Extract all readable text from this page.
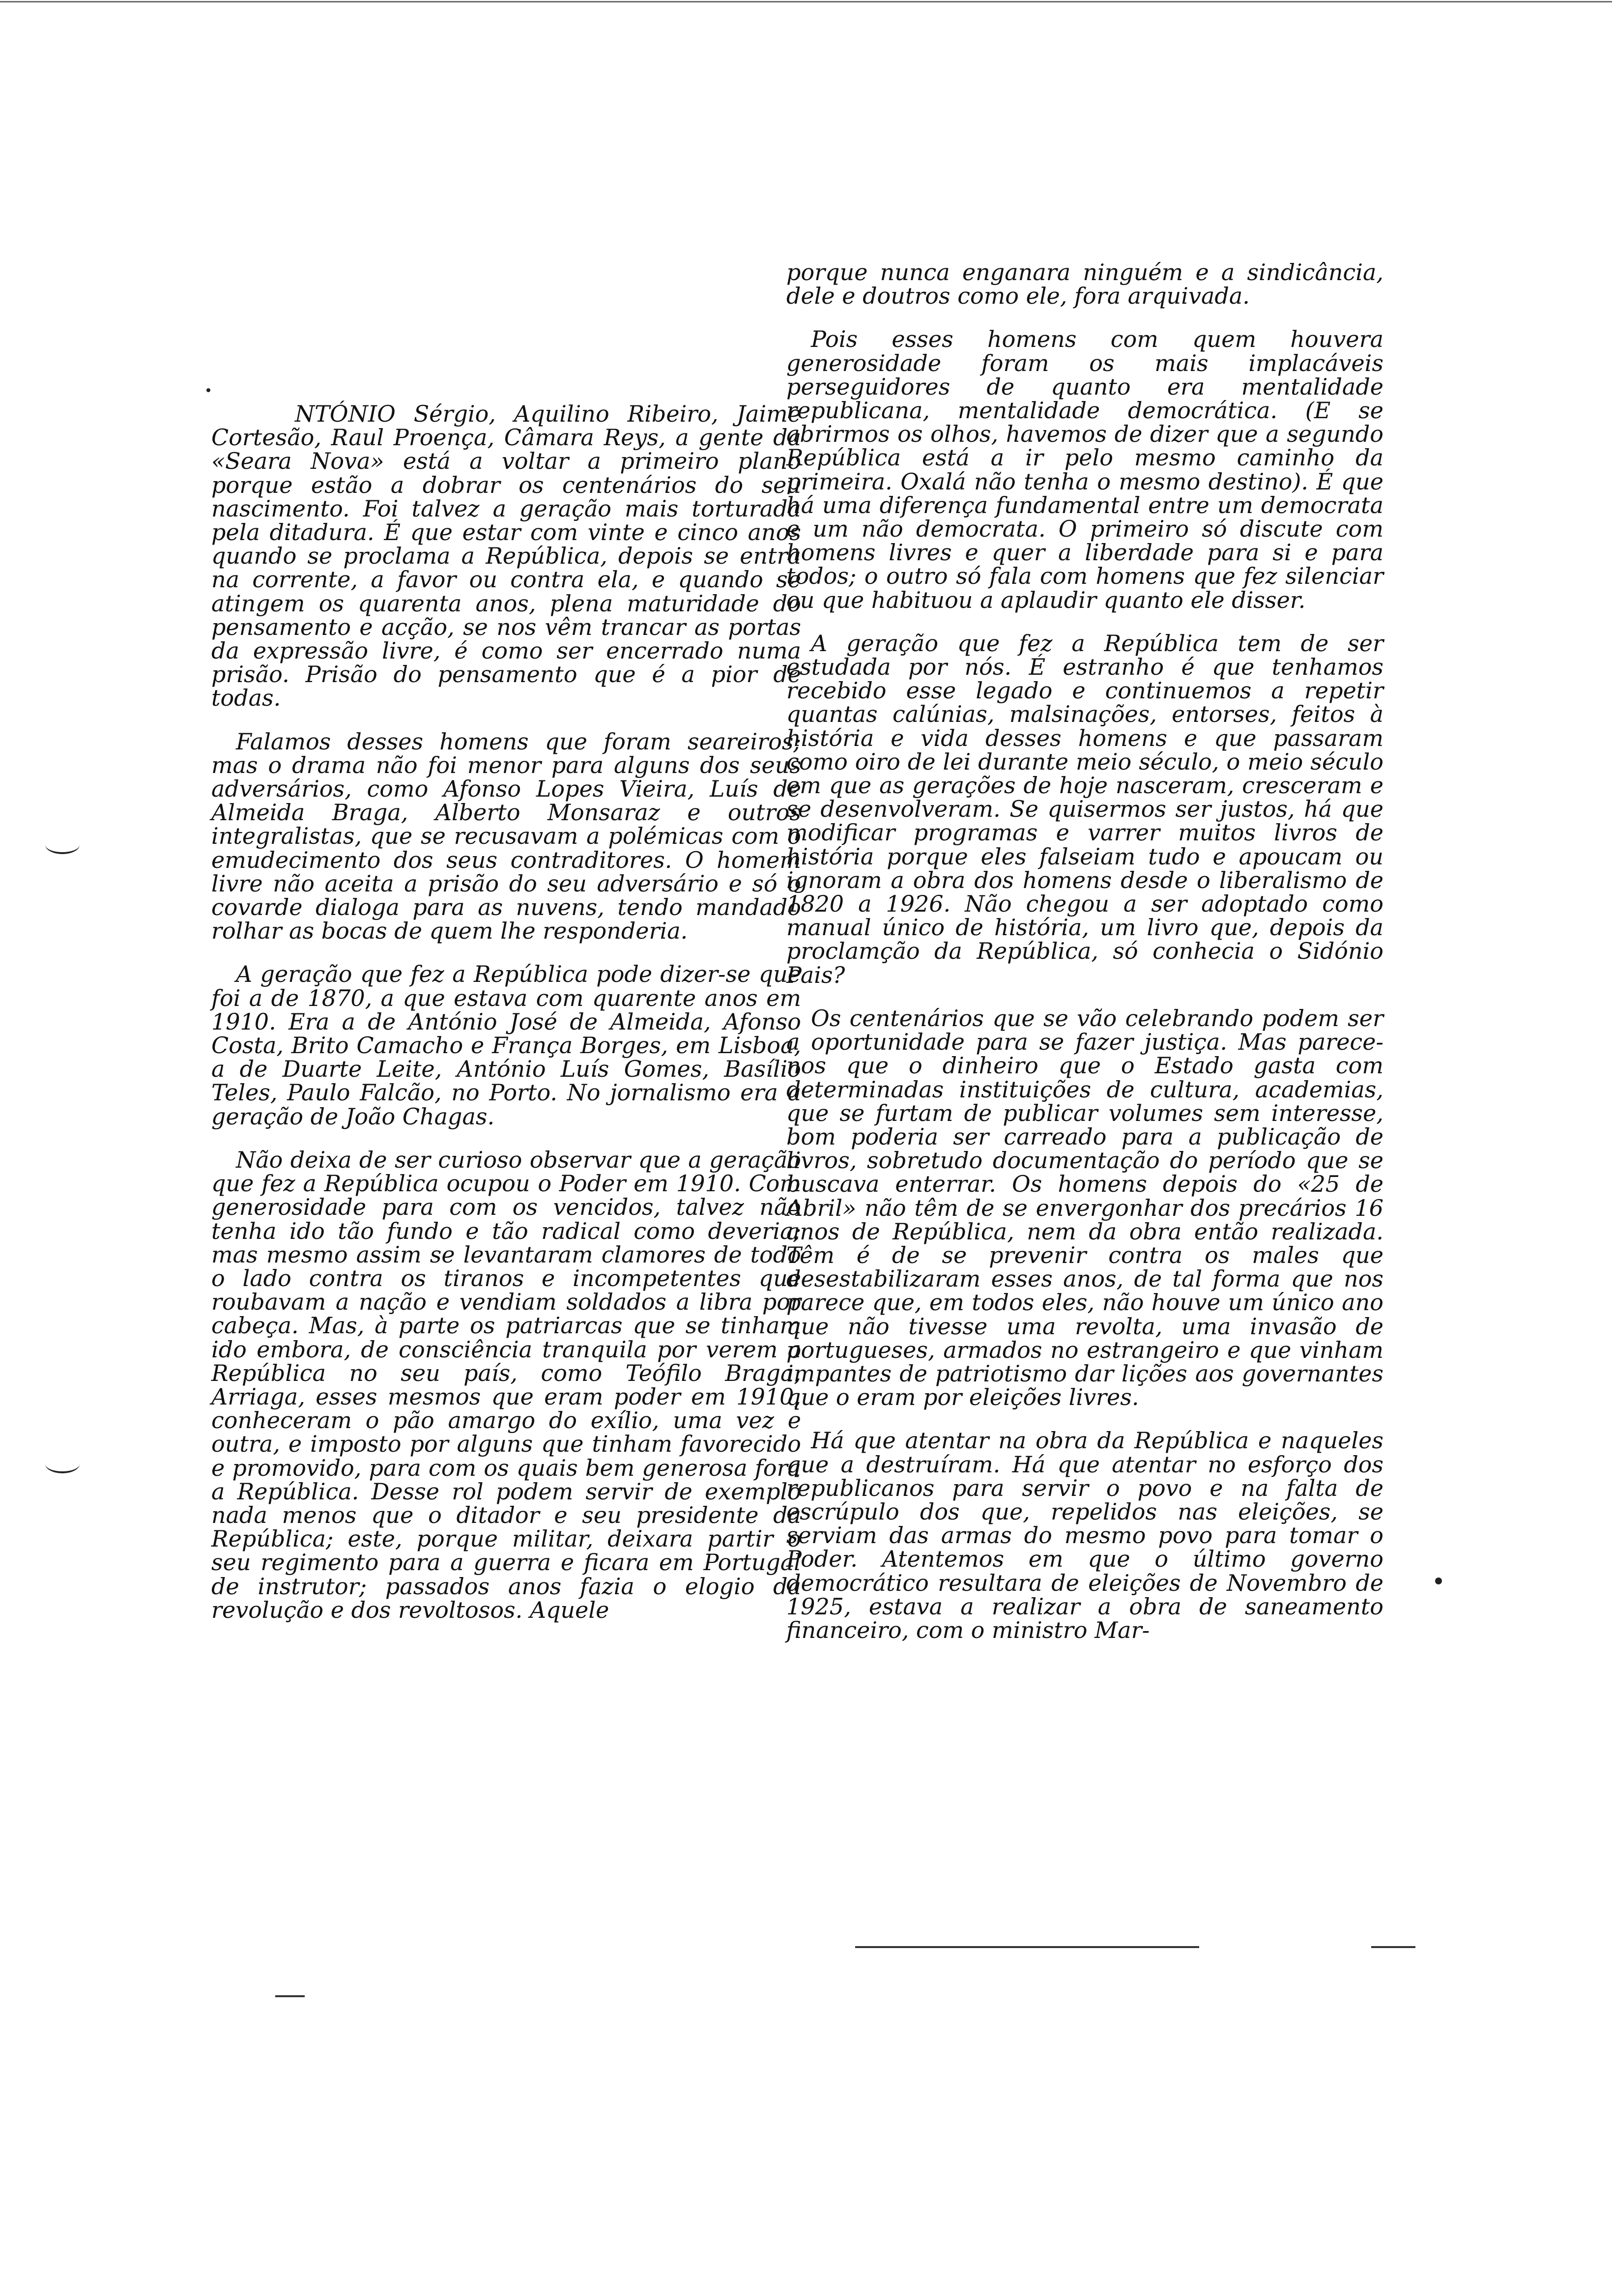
NTÓNIO Sérgio, Aquilino Ribeiro, Jaime Cortesão, Raul Proença, Câmara Reys, a gente da «Seara Nova» está a voltar a primeiro plano porque estão a dobrar os centenários do seu nascimento. Foi talvez a geração mais torturada pela ditadura. É que estar com vinte e cinco anos quando se proclama a República, depois se entra na corrente, a favor ou contra ela, e quando se atingem os quarenta anos, plena maturidade do pensamento e acção, se nos vêm trancar as portas da expressão livre, é como ser encerrado numa prisão. Prisão do pensamento que é a pior de todas.

Falamos desses homens que foram seareiros; mas o drama não foi menor para alguns dos seus adversários, como Afonso Lopes Vieira, Luís de Almeida Braga, Alberto Monsaraz e outros integralistas, que se recusavam a polémicas com o emudecimento dos seus contraditores. O homem livre não aceita a prisão do seu adversário e só o covarde dialoga para as nuvens, tendo mandado rolhar as bocas de quem lhe responderia.

A geração que fez a República pode dizer-se que foi a de 1870, a que estava com quarente anos em 1910. Era a de António José de Almeida, Afonso Costa, Brito Camacho e França Borges, em Lisboa, a de Duarte Leite, António Luís Gomes, Basílio Teles, Paulo Falcão, no Porto. No jornalismo era a geração de João Chagas.

Não deixa de ser curioso observar que a geração que fez a República ocupou o Poder em 1910. Com generosidade para com os vencidos, talvez não tenha ido tão fundo e tão radical como deveria; mas mesmo assim se levantaram clamores de todo o lado contra os tiranos e incompetentes que roubavam a nação e vendiam soldados a libra por cabeça. Mas, à parte os patriarcas que se tinham ido embora, de consciência tranquila por verem a República no seu país, como Teófilo Braga, Arriaga, esses mesmos que eram poder em 1910, conheceram o pão amargo do exílio, uma vez e outra, e imposto por alguns que tinham favorecido e promovido, para com os quais bem generosa fora a República. Desse rol podem servir de exemplo nada menos que o ditador e seu presidente da República; este, porque militar, deixara partir o seu regimento para a guerra e ficara em Portugal de instrutor; passados anos fazia o elogio da revolução e dos revoltosos. Aquele

porque nunca enganara ninguém e a sindicância, dele e doutros como ele, fora arquivada.

Pois esses homens com quem houvera generosidade foram os mais implacáveis perseguidores de quanto era mentalidade republicana, mentalidade democrática. (E se abrirmos os olhos, havemos de dizer que a segundo República está a ir pelo mesmo caminho da primeira. Oxalá não tenha o mesmo destino). É que há uma diferença fundamental entre um democrata e um não democrata. O primeiro só discute com homens livres e quer a liberdade para si e para todos; o outro só fala com homens que fez silenciar ou que habituou a aplaudir quanto ele disser.

A geração que fez a República tem de ser estudada por nós. É estranho é que tenhamos recebido esse legado e continuemos a repetir quantas calúnias, malsinações, entorses, feitos à história e vida desses homens e que passaram como oiro de lei durante meio século, o meio século em que as gerações de hoje nasceram, cresceram e se desenvolveram. Se quisermos ser justos, há que modificar programas e varrer muitos livros de história porque eles falseiam tudo e apoucam ou ignoram a obra dos homens desde o liberalismo de 1820 a 1926. Não chegou a ser adoptado como manual único de história, um livro que, depois da proclamção da República, só conhecia o Sidónio Pais?

Os centenários que se vão celebrando podem ser a oportunidade para se fazer justiça. Mas parece-nos que o dinheiro que o Estado gasta com determinadas instituições de cultura, academias, que se furtam de publicar volumes sem interesse, bom poderia ser carreado para a publicação de livros, sobretudo documentação do período que se buscava enterrar. Os homens depois do «25 de Abril» não têm de se envergonhar dos precários 16 anos de República, nem da obra então realizada. Têm é de se prevenir contra os males que desestabilizaram esses anos, de tal forma que nos parece que, em todos eles, não houve um único ano que não tivesse uma revolta, uma invasão de portugueses, armados no estrangeiro e que vinham impantes de patriotismo dar lições aos governantes que o eram por eleições livres.

Há que atentar na obra da República e naqueles que a destruíram. Há que atentar no esforço dos republicanos para servir o povo e na falta de escrúpulo dos que, repelidos nas eleições, se serviam das armas do mesmo povo para tomar o Poder. Atentemos em que o último governo democrático resultara de eleições de Novembro de 1925, estava a realizar a obra de saneamento financeiro, com o ministro Mar-
